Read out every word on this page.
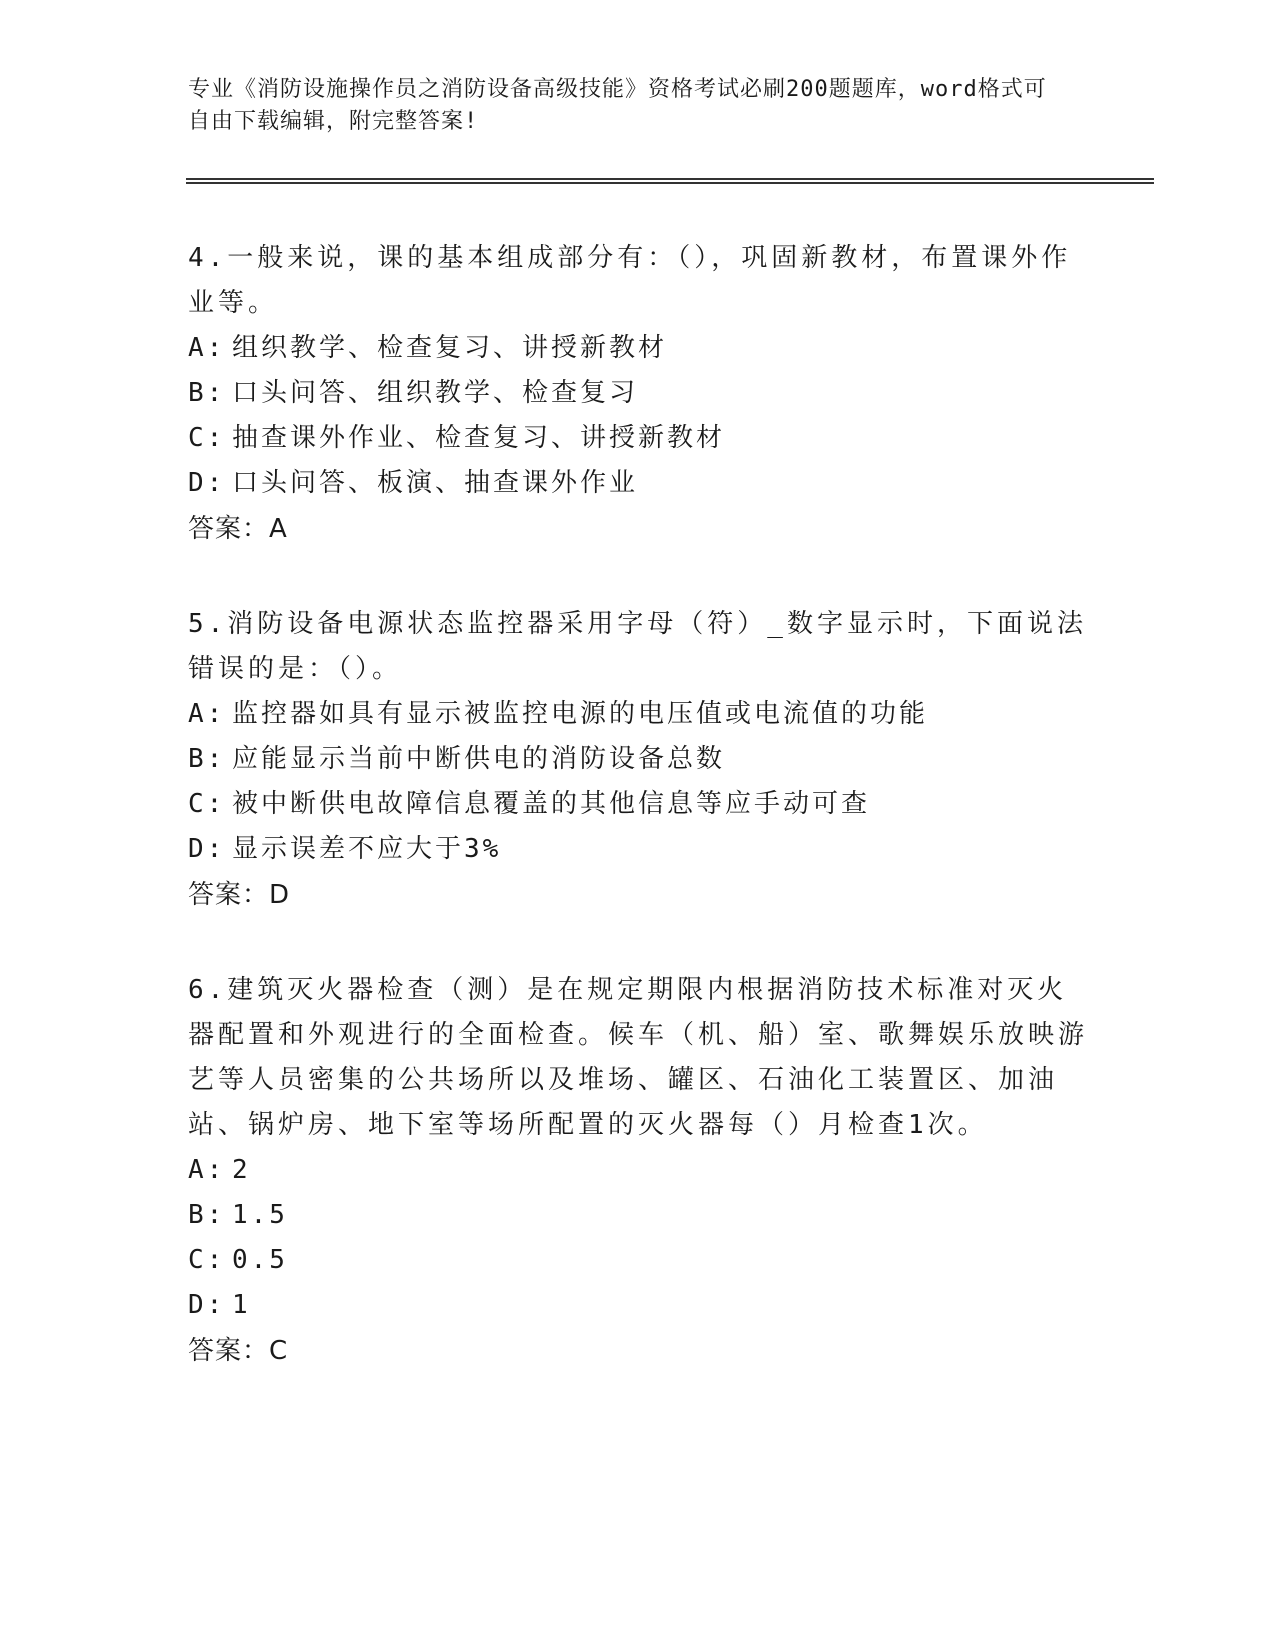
专业《消防设施操作员之消防设备高级技能》资格考试必刷200题题库，word格式可自由下载编辑，附完整答案!

4.一般来说，课的基本组成部分有：（），巩固新教材，布置课外作业等。

A: 组织教学、检查复习、讲授新教材
B: 口头问答、组织教学、检查复习
C: 抽查课外作业、检查复习、讲授新教材
D: 口头问答、板演、抽查课外作业
答案：A

5.消防设备电源状态监控器采用字母（符）_数字显示时，下面说法错误的是：（）。

A: 监控器如具有显示被监控电源的电压值或电流值的功能
B: 应能显示当前中断供电的消防设备总数
C: 被中断供电故障信息覆盖的其他信息等应手动可查
D: 显示误差不应大于3%
答案：D

6.建筑灭火器检查（测）是在规定期限内根据消防技术标准对灭火器配置和外观进行的全面检查。候车（机、船）室、歌舞娱乐放映游艺等人员密集的公共场所以及堆场、罐区、石油化工装置区、加油站、锅炉房、地下室等场所配置的灭火器每（）月检查1次。

A: 2
B: 1.5
C: 0.5
D: 1
答案：C
